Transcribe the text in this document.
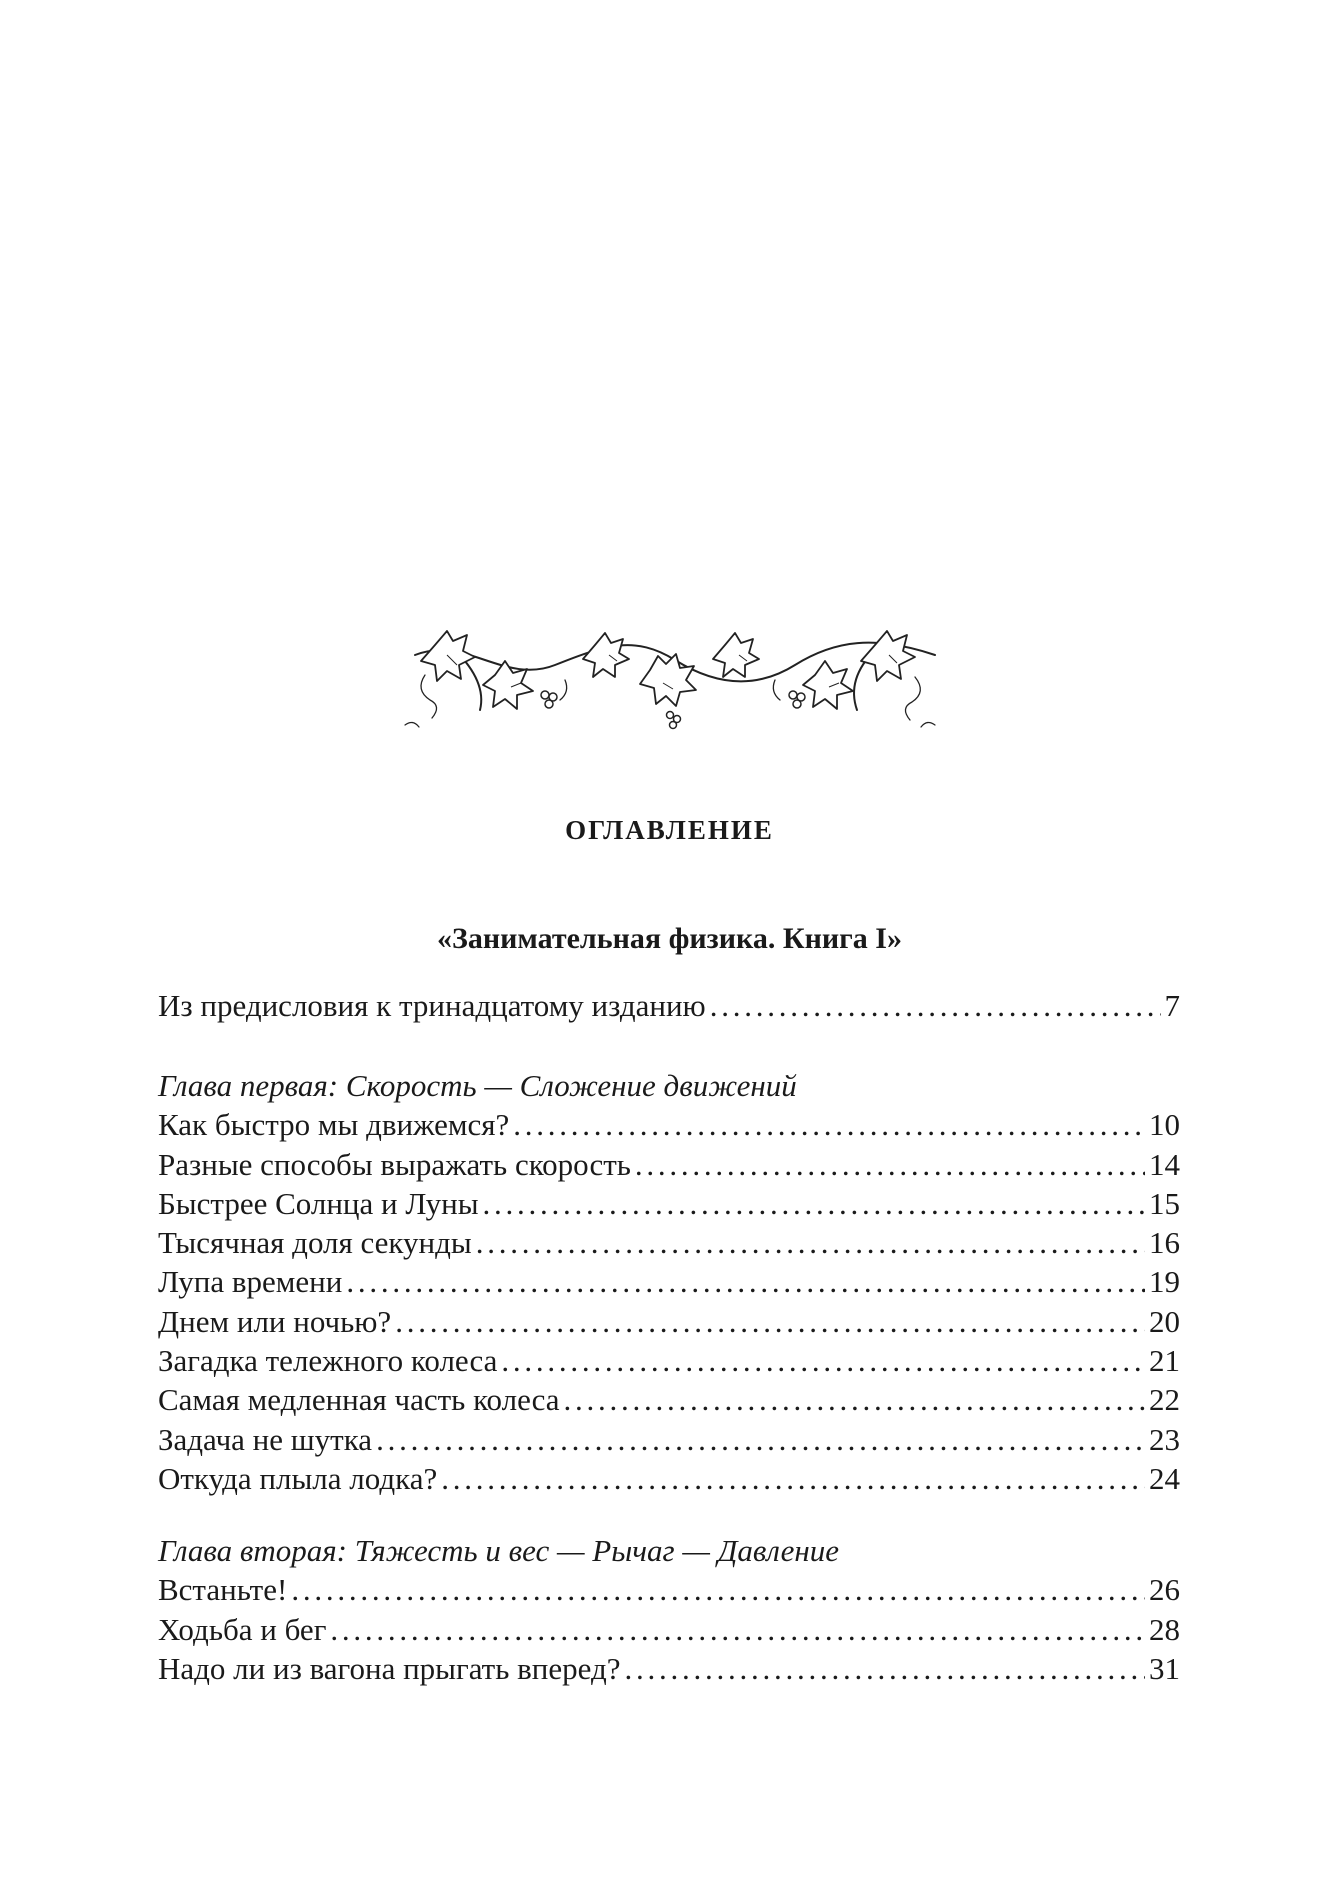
ОГЛАВЛЕНИЕ
«Занимательная физика. Книга I»
Из предисловия к тринадцатому изданию . . .	7
Глава первая: Скорость — Сложение движений
Как быстро мы движемся? . . .	10
Разные способы выражать скорость . . .	14
Быстрее Солнца и Луны . . .	15
Тысячная доля секунды . . .	16
Лупа времени . . .	19
Днем или ночью? . . .	20
Загадка тележного колеса . . .	21
Самая медленная часть колеса . . .	22
Задача не шутка . . .	23
Откуда плыла лодка? . . .	24
Глава вторая: Тяжесть и вес — Рычаг — Давление
Встаньте! . . .	26
Ходьба и бег . . .	28
Надо ли из вагона прыгать вперед? . . .	31
